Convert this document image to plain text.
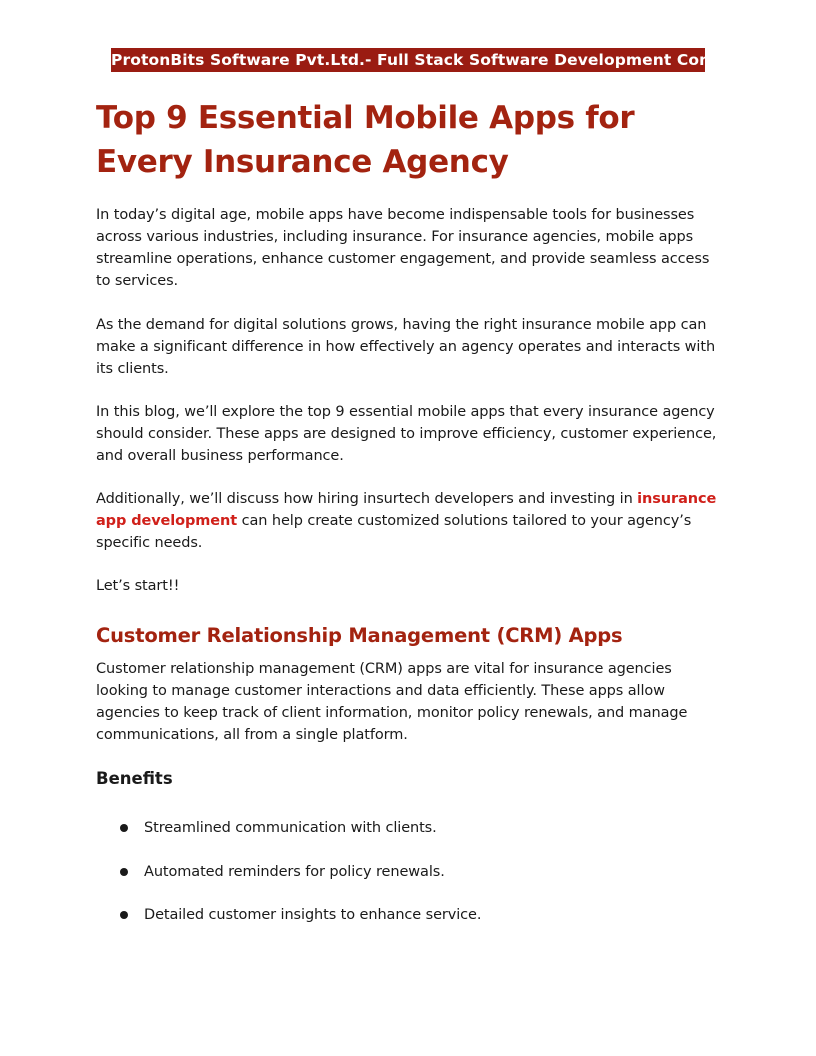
ProtonBits Software Pvt.Ltd.- Full Stack Software Development Company
Top 9 Essential Mobile Apps for Every Insurance Agency

In today’s digital age, mobile apps have become indispensable tools for businesses across various industries, including insurance. For insurance agencies, mobile apps streamline operations, enhance customer engagement, and provide seamless access to services.

As the demand for digital solutions grows, having the right insurance mobile app can make a significant difference in how effectively an agency operates and interacts with its clients.

In this blog, we’ll explore the top 9 essential mobile apps that every insurance agency should consider. These apps are designed to improve efficiency, customer experience, and overall business performance.

Additionally, we’ll discuss how hiring insurtech developers and investing in insurance app development can help create customized solutions tailored to your agency’s specific needs.

Let’s start!!

Customer Relationship Management (CRM) Apps

Customer relationship management (CRM) apps are vital for insurance agencies looking to manage customer interactions and data efficiently. These apps allow agencies to keep track of client information, monitor policy renewals, and manage communications, all from a single platform.

Benefits
Streamlined communication with clients.
Automated reminders for policy renewals.
Detailed customer insights to enhance service.
